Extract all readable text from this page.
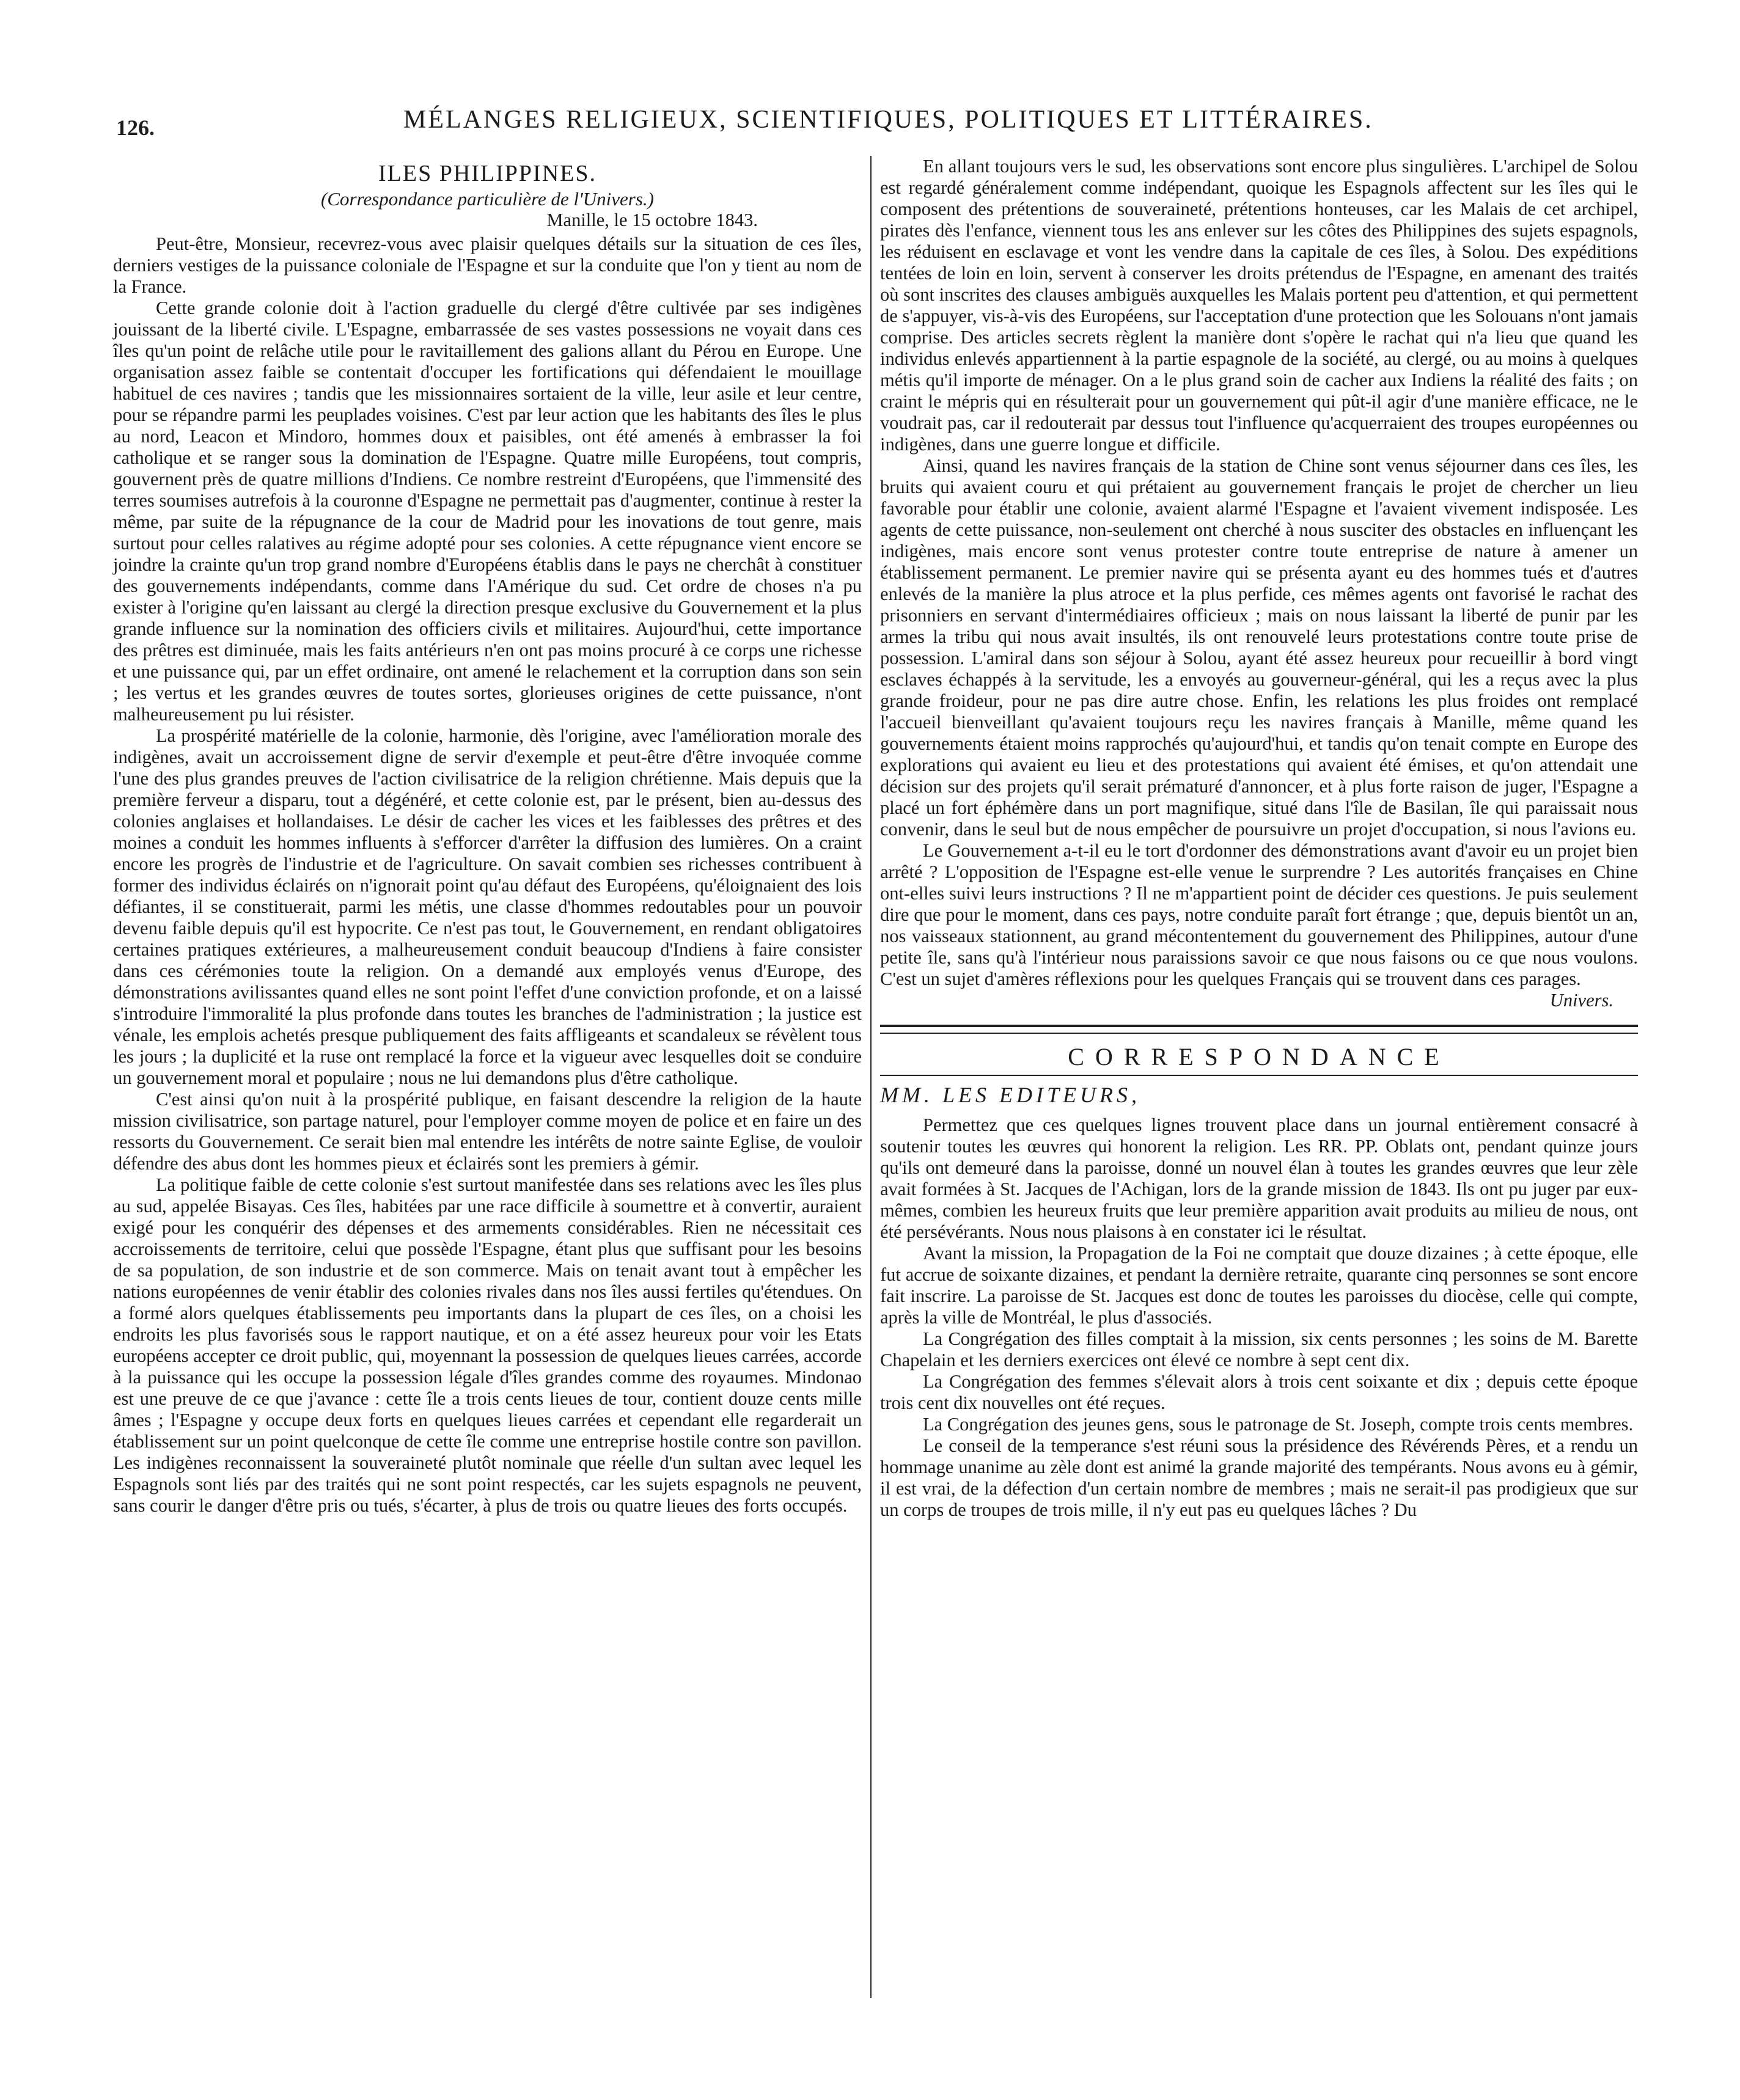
126.	MÉLANGES RELIGIEUX, SCIENTIFIQUES, POLITIQUES ET LITTÉRAIRES.
ILES PHILIPPINES.
(Correspondance particulière de l'Univers.)
Manille, le 15 octobre 1843.

Peut-être, Monsieur, recevrez-vous avec plaisir quelques détails sur la situation de ces îles, derniers vestiges de la puissance coloniale de l'Espagne et sur la conduite que l'on y tient au nom de la France.

Cette grande colonie doit à l'action graduelle du clergé d'être cultivée par ses indigènes jouissant de la liberté civile. L'Espagne, embarrassée de ses vastes possessions ne voyait dans ces îles qu'un point de relâche utile pour le ravitaillement des galions allant du Pérou en Europe. Une organisation assez faible se contentait d'occuper les fortifications qui défendaient le mouillage habituel de ces navires ; tandis que les missionnaires sortaient de la ville, leur asile et leur centre, pour se répandre parmi les peuplades voisines. C'est par leur action que les habitants des îles le plus au nord, Leacon et Mindoro, hommes doux et paisibles, ont été amenés à embrasser la foi catholique et se ranger sous la domination de l'Espagne. Quatre mille Européens, tout compris, gouvernent près de quatre millions d'Indiens. Ce nombre restreint d'Européens, que l'immensité des terres soumises autrefois à la couronne d'Espagne ne permettait pas d'augmenter, continue à rester la même, par suite de la répugnance de la cour de Madrid pour les inovations de tout genre, mais surtout pour celles ralatives au régime adopté pour ses colonies. A cette répugnance vient encore se joindre la crainte qu'un trop grand nombre d'Européens établis dans le pays ne cherchât à constituer des gouvernements indépendants, comme dans l'Amérique du sud. Cet ordre de choses n'a pu exister à l'origine qu'en laissant au clergé la direction presque exclusive du Gouvernement et la plus grande influence sur la nomination des officiers civils et militaires. Aujourd'hui, cette importance des prêtres est diminuée, mais les faits antérieurs n'en ont pas moins procuré à ce corps une richesse et une puissance qui, par un effet ordinaire, ont amené le relachement et la corruption dans son sein ; les vertus et les grandes œuvres de toutes sortes, glorieuses origines de cette puissance, n'ont malheureusement pu lui résister.

La prospérité matérielle de la colonie, harmonie, dès l'origine, avec l'amélioration morale des indigènes, avait un accroissement digne de servir d'exemple et peut-être d'être invoquée comme l'une des plus grandes preuves de l'action civilisatrice de la religion chrétienne. Mais depuis que la première ferveur a disparu, tout a dégénéré, et cette colonie est, par le présent, bien au-dessus des colonies anglaises et hollandaises. Le désir de cacher les vices et les faiblesses des prêtres et des moines a conduit les hommes influents à s'efforcer d'arrêter la diffusion des lumières. On a craint encore les progrès de l'industrie et de l'agriculture. On savait combien ses richesses contribuent à former des individus éclairés on n'ignorait point qu'au défaut des Européens, qu'éloignaient des lois défiantes, il se constituerait, parmi les métis, une classe d'hommes redoutables pour un pouvoir devenu faible depuis qu'il est hypocrite. Ce n'est pas tout, le Gouvernement, en rendant obligatoires certaines pratiques extérieures, a malheureusement conduit beaucoup d'Indiens à faire consister dans ces cérémonies toute la religion. On a demandé aux employés venus d'Europe, des démonstrations avilissantes quand elles ne sont point l'effet d'une conviction profonde, et on a laissé s'introduire l'immoralité la plus profonde dans toutes les branches de l'administration ; la justice est vénale, les emplois achetés presque publiquement des faits affligeants et scandaleux se révèlent tous les jours ; la duplicité et la ruse ont remplacé la force et la vigueur avec lesquelles doit se conduire un gouvernement moral et populaire ; nous ne lui demandons plus d'être catholique.

C'est ainsi qu'on nuit à la prospérité publique, en faisant descendre la religion de la haute mission civilisatrice, son partage naturel, pour l'employer comme moyen de police et en faire un des ressorts du Gouvernement. Ce serait bien mal entendre les intérêts de notre sainte Eglise, de vouloir défendre des abus dont les hommes pieux et éclairés sont les premiers à gémir.

La politique faible de cette colonie s'est surtout manifestée dans ses relations avec les îles plus au sud, appelée Bisayas. Ces îles, habitées par une race difficile à soumettre et à convertir, auraient exigé pour les conquérir des dépenses et des armements considérables. Rien ne nécessitait ces accroissements de territoire, celui que possède l'Espagne, étant plus que suffisant pour les besoins de sa population, de son industrie et de son commerce. Mais on tenait avant tout à empêcher les nations européennes de venir établir des colonies rivales dans nos îles aussi fertiles qu'étendues. On a formé alors quelques établissements peu importants dans la plupart de ces îles, on a choisi les endroits les plus favorisés sous le rapport nautique, et on a été assez heureux pour voir les Etats européens accepter ce droit public, qui, moyennant la possession de quelques lieues carrées, accorde à la puissance qui les occupe la possession légale d'îles grandes comme des royaumes. Mindonao est une preuve de ce que j'avance : cette île a trois cents lieues de tour, contient douze cents mille âmes ; l'Espagne y occupe deux forts en quelques lieues carrées et cependant elle regarderait un établissement sur un point quelconque de cette île comme une entreprise hostile contre son pavillon. Les indigènes reconnaissent la souveraineté plutôt nominale que réelle d'un sultan avec lequel les Espagnols sont liés par des traités qui ne sont point respectés, car les sujets espagnols ne peuvent, sans courir le danger d'être pris ou tués, s'écarter, à plus de trois ou quatre lieues des forts occupés.

En allant toujours vers le sud, les observations sont encore plus singulières. L'archipel de Solou est regardé généralement comme indépendant, quoique les Espagnols affectent sur les îles qui le composent des prétentions de souveraineté, prétentions honteuses, car les Malais de cet archipel, pirates dès l'enfance, viennent tous les ans enlever sur les côtes des Philippines des sujets espagnols, les réduisent en esclavage et vont les vendre dans la capitale de ces îles, à Solou. Des expéditions tentées de loin en loin, servent à conserver les droits prétendus de l'Espagne, en amenant des traités où sont inscrites des clauses ambiguës auxquelles les Malais portent peu d'attention, et qui permettent de s'appuyer, vis-à-vis des Européens, sur l'acceptation d'une protection que les Solouans n'ont jamais comprise. Des articles secrets règlent la manière dont s'opère le rachat qui n'a lieu que quand les individus enlevés appartiennent à la partie espagnole de la société, au clergé, ou au moins à quelques métis qu'il importe de ménager. On a le plus grand soin de cacher aux Indiens la réalité des faits ; on craint le mépris qui en résulterait pour un gouvernement qui pût-il agir d'une manière efficace, ne le voudrait pas, car il redouterait par dessus tout l'influence qu'acquerraient des troupes européennes ou indigènes, dans une guerre longue et difficile.

Ainsi, quand les navires français de la station de Chine sont venus séjourner dans ces îles, les bruits qui avaient couru et qui prétaient au gouvernement français le projet de chercher un lieu favorable pour établir une colonie, avaient alarmé l'Espagne et l'avaient vivement indisposée. Les agents de cette puissance, non-seulement ont cherché à nous susciter des obstacles en influençant les indigènes, mais encore sont venus protester contre toute entreprise de nature à amener un établissement permanent. Le premier navire qui se présenta ayant eu des hommes tués et d'autres enlevés de la manière la plus atroce et la plus perfide, ces mêmes agents ont favorisé le rachat des prisonniers en servant d'intermédiaires officieux ; mais on nous laissant la liberté de punir par les armes la tribu qui nous avait insultés, ils ont renouvelé leurs protestations contre toute prise de possession. L'amiral dans son séjour à Solou, ayant été assez heureux pour recueillir à bord vingt esclaves échappés à la servitude, les a envoyés au gouverneur-général, qui les a reçus avec la plus grande froideur, pour ne pas dire autre chose. Enfin, les relations les plus froides ont remplacé l'accueil bienveillant qu'avaient toujours reçu les navires français à Manille, même quand les gouvernements étaient moins rapprochés qu'aujourd'hui, et tandis qu'on tenait compte en Europe des explorations qui avaient eu lieu et des protestations qui avaient été émises, et qu'on attendait une décision sur des projets qu'il serait prématuré d'annoncer, et à plus forte raison de juger, l'Espagne a placé un fort éphémère dans un port magnifique, situé dans l'île de Basilan, île qui paraissait nous convenir, dans le seul but de nous empêcher de poursuivre un projet d'occupation, si nous l'avions eu.

Le Gouvernement a-t-il eu le tort d'ordonner des démonstrations avant d'avoir eu un projet bien arrêté ? L'opposition de l'Espagne est-elle venue le surprendre ? Les autorités françaises en Chine ont-elles suivi leurs instructions ? Il ne m'appartient point de décider ces questions. Je puis seulement dire que pour le moment, dans ces pays, notre conduite paraît fort étrange ; que, depuis bientôt un an, nos vaisseaux stationnent, au grand mécontentement du gouvernement des Philippines, autour d'une petite île, sans qu'à l'intérieur nous paraissions savoir ce que nous faisons ou ce que nous voulons. C'est un sujet d'amères réflexions pour les quelques Français qui se trouvent dans ces parages.

Univers.
CORRESPONDANCE
MM. LES EDITEURS,

Permettez que ces quelques lignes trouvent place dans un journal entièrement consacré à soutenir toutes les œuvres qui honorent la religion. Les RR. PP. Oblats ont, pendant quinze jours qu'ils ont demeuré dans la paroisse, donné un nouvel élan à toutes les grandes œuvres que leur zèle avait formées à St. Jacques de l'Achigan, lors de la grande mission de 1843. Ils ont pu juger par eux-mêmes, combien les heureux fruits que leur première apparition avait produits au milieu de nous, ont été persévérants. Nous nous plaisons à en constater ici le résultat.

Avant la mission, la Propagation de la Foi ne comptait que douze dizaines ; à cette époque, elle fut accrue de soixante dizaines, et pendant la dernière retraite, quarante cinq personnes se sont encore fait inscrire. La paroisse de St. Jacques est donc de toutes les paroisses du diocèse, celle qui compte, après la ville de Montréal, le plus d'associés.

La Congrégation des filles comptait à la mission, six cents personnes ; les soins de M. Barette Chapelain et les derniers exercices ont élevé ce nombre à sept cent dix.

La Congrégation des femmes s'élevait alors à trois cent soixante et dix ; depuis cette époque trois cent dix nouvelles ont été reçues.

La Congrégation des jeunes gens, sous le patronage de St. Joseph, compte trois cents membres.

Le conseil de la temperance s'est réuni sous la présidence des Révérends Pères, et a rendu un hommage unanime au zèle dont est animé la grande majorité des tempérants. Nous avons eu à gémir, il est vrai, de la défection d'un certain nombre de membres ; mais ne serait-il pas prodigieux que sur un corps de troupes de trois mille, il n'y eut pas eu quelques lâches ? Du
